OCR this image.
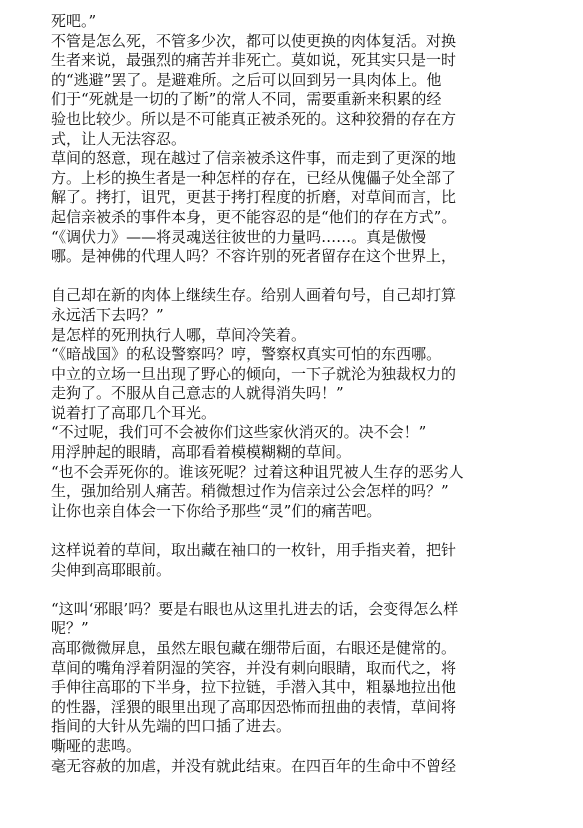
死吧。”
不管是怎么死，不管多少次，都可以使更换的肉体复活。对换
生者来说，最强烈的痛苦并非死亡。莫如说，死其实只是一时
的“逃避”罢了。是避难所。之后可以回到另一具肉体上。他
们于“死就是一切的了断”的常人不同，需要重新来积累的经
验也比较少。所以是不可能真正被杀死的。这种狡猾的存在方
式，让人无法容忍。
草间的怒意，现在越过了信亲被杀这件事，而走到了更深的地
方。上杉的换生者是一种怎样的存在，已经从傀儡子处全部了
解了。拷打，诅咒，更甚于拷打程度的折磨，对草间而言，比
起信亲被杀的事件本身，更不能容忍的是“他们的存在方式”。
“《调伏力》——将灵魂送往彼世的力量吗……。真是傲慢
哪。是神佛的代理人吗？不容许别的死者留存在这个世界上，
自己却在新的肉体上继续生存。给别人画着句号，自己却打算
永远活下去吗？”
是怎样的死刑执行人哪，草间冷笑着。
“《暗战国》的私设警察吗？哼，警察权真实可怕的东西哪。
中立的立场一旦出现了野心的倾向，一下子就沦为独裁权力的
走狗了。不服从自己意志的人就得消失吗！”
说着打了高耶几个耳光。
“不过呢，我们可不会被你们这些家伙消灭的。决不会！”
用浮肿起的眼睛，高耶看着模模糊糊的草间。
“也不会弄死你的。谁该死呢？过着这种诅咒被人生存的恶劣人
生，强加给别人痛苦。稍微想过作为信亲过公会怎样的吗？”
让你也亲自体会一下你给予那些“灵”们的痛苦吧。
这样说着的草间，取出藏在袖口的一枚针，用手指夹着，把针
尖伸到高耶眼前。
“这叫‘邪眼’吗？要是右眼也从这里扎进去的话，会变得怎么样
呢？”
高耶微微屏息，虽然左眼包藏在绷带后面，右眼还是健常的。
草间的嘴角浮着阴湿的笑容，并没有刺向眼睛，取而代之，将
手伸往高耶的下半身，拉下拉链，手潜入其中，粗暴地拉出他
的性器，淫猥的眼里出现了高耶因恐怖而扭曲的表情，草间将
指间的大针从先端的凹口插了进去。
嘶哑的悲鸣。
毫无容赦的加虐，并没有就此结束。在四百年的生命中不曾经
